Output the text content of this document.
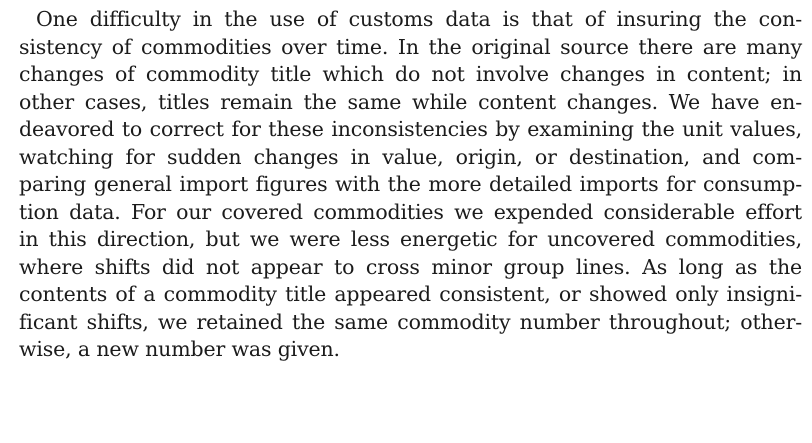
One difficulty in the use of customs data is that of insuring the con-
sistency of commodities over time. In the original source there are many
changes of commodity title which do not involve changes in content; in
other cases, titles remain the same while content changes. We have en-
deavored to correct for these inconsistencies by examining the unit values,
watching for sudden changes in value, origin, or destination, and com-
paring general import figures with the more detailed imports for consump-
tion data. For our covered commodities we expended considerable effort
in this direction, but we were less energetic for uncovered commodities,
where shifts did not appear to cross minor group lines. As long as the
contents of a commodity title appeared consistent, or showed only insigni-
ficant shifts, we retained the same commodity number throughout; other-
wise, a new number was given.
